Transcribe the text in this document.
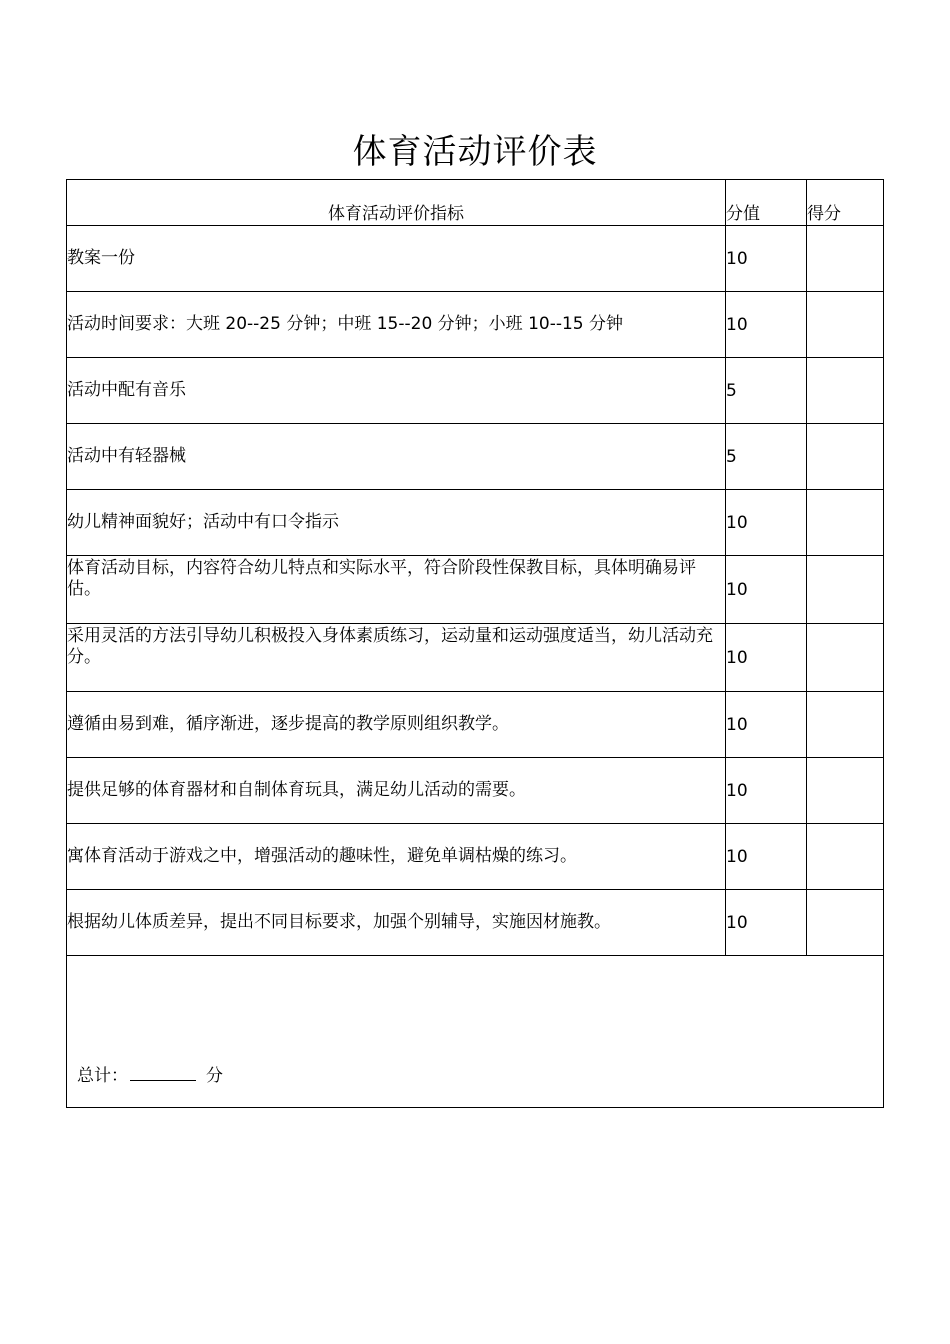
体育活动评价表
体育活动评价指标	分值	得分
教案一份	10	
活动时间要求：大班 20--25 分钟；中班 15--20 分钟；小班 10--15 分钟	10	
活动中配有音乐	5	
活动中有轻器械	5	
幼儿精神面貌好；活动中有口令指示	10	
体育活动目标，内容符合幼儿特点和实际水平，符合阶段性保教目标，具体明确易评估。	10	
采用灵活的方法引导幼儿积极投入身体素质练习，运动量和运动强度适当，幼儿活动充分。	10	
遵循由易到难，循序渐进，逐步提高的教学原则组织教学。	10	
提供足够的体育器材和自制体育玩具，满足幼儿活动的需要。	10	
寓体育活动于游戏之中，增强活动的趣味性，避免单调枯燥的练习。	10	
根据幼儿体质差异，提出不同目标要求，加强个别辅导，实施因材施教。	10	
总计： 分		
